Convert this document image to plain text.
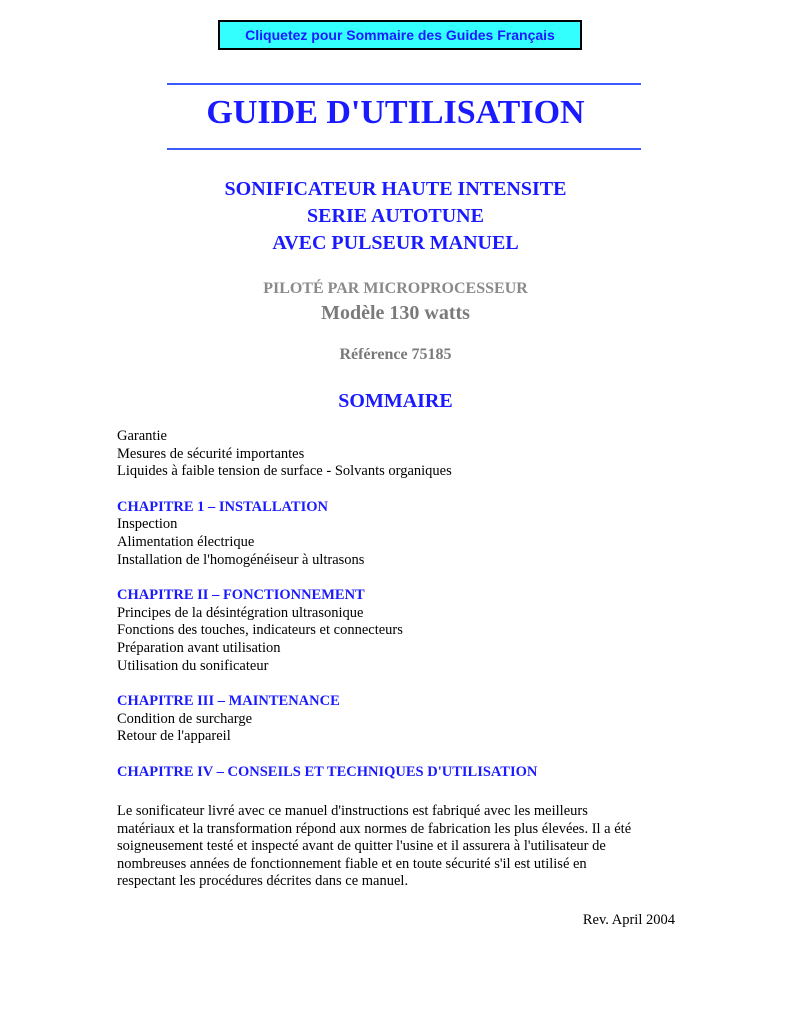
Cliquetez pour Sommaire des Guides Français
GUIDE D'UTILISATION
SONIFICATEUR HAUTE INTENSITE
SERIE AUTOTUNE
AVEC PULSEUR MANUEL
PILOTÉ PAR MICROPROCESSEUR
Modèle 130 watts
Référence 75185
SOMMAIRE
Garantie
Mesures de sécurité importantes
Liquides à faible tension de surface - Solvants organiques
CHAPITRE 1 – INSTALLATION
Inspection
Alimentation électrique
Installation de l'homogénéiseur à ultrasons
CHAPITRE II – FONCTIONNEMENT
Principes de la désintégration ultrasonique
Fonctions des touches, indicateurs et connecteurs
Préparation avant utilisation
Utilisation du sonificateur
CHAPITRE III – MAINTENANCE
Condition de surcharge
Retour de l'appareil
CHAPITRE IV – CONSEILS ET TECHNIQUES D'UTILISATION

Le sonificateur livré avec ce manuel d'instructions est fabriqué avec les meilleurs matériaux et la transformation répond aux normes de fabrication les plus élevées. Il a été soigneusement testé et inspecté avant de quitter l'usine et il assurera à l'utilisateur de nombreuses années de fonctionnement fiable et en toute sécurité s'il est utilisé en respectant les procédures décrites dans ce manuel.

Rev. April 2004
